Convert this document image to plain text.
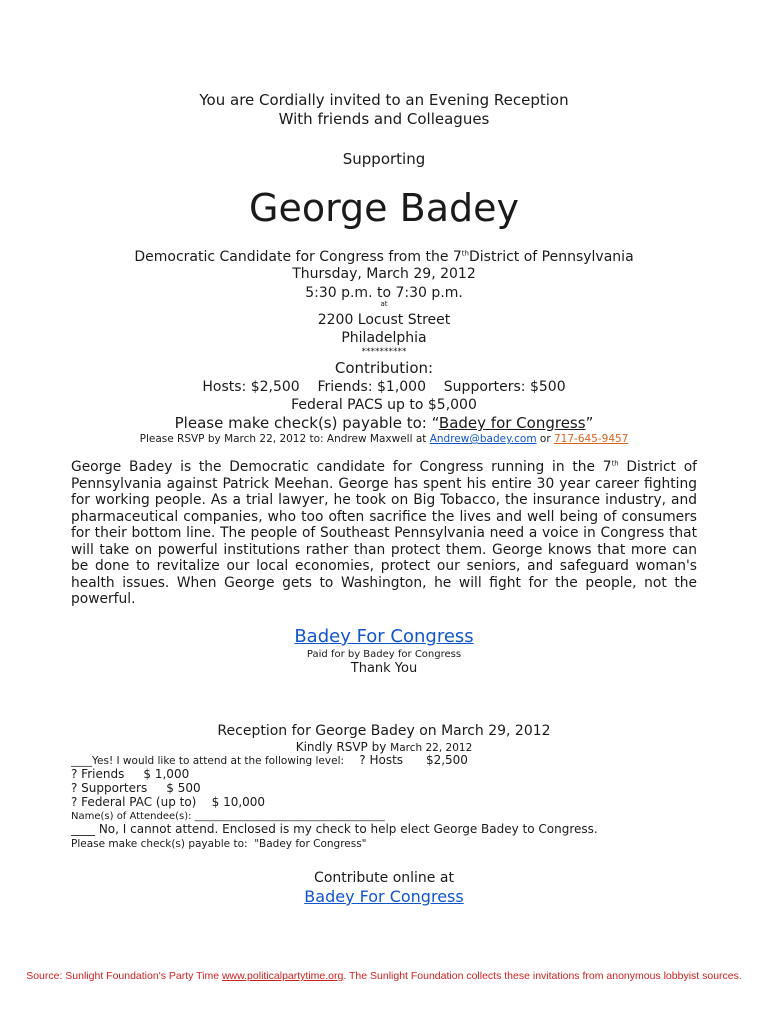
You are Cordially invited to an Evening Reception
With friends and Colleagues
Supporting
George Badey
Democratic Candidate for Congress from the 7thDistrict of Pennsylvania
Thursday, March 29, 2012
5:30 p.m. to 7:30 p.m.
at
2200 Locust Street
Philadelphia
**********
Contribution:
Hosts: $2,500    Friends: $1,000    Supporters: $500
Federal PACS up to $5,000
Please make check(s) payable to: “Badey for Congress”
Please RSVP by March 22, 2012 to: Andrew Maxwell at Andrew@badey.com or 717-645-9457
George Badey is the Democratic candidate for Congress running in the 7th District of Pennsylvania against Patrick Meehan. George has spent his entire 30 year career fighting for working people. As a trial lawyer, he took on Big Tobacco, the insurance industry, and pharmaceutical companies, who too often sacrifice the lives and well being of consumers for their bottom line. The people of Southeast Pennsylvania need a voice in Congress that will take on powerful institutions rather than protect them. George knows that more can be done to revitalize our local economies, protect our seniors, and safeguard woman's health issues. When George gets to Washington, he will fight for the people, not the powerful.
Badey For Congress
Paid for by Badey for Congress
Thank You
Reception for George Badey on March 29, 2012
Kindly RSVP by March 22, 2012
____Yes! I would like to attend at the following level: ? Hosts      $2,500
? Friends     $ 1,000
? Supporters     $ 500
? Federal PAC (up to)    $ 10,000
Name(s) of Attendee(s): ______________________________________
____ No, I cannot attend. Enclosed is my check to help elect George Badey to Congress.
Please make check(s) payable to:  "Badey for Congress"
Contribute online at
Badey For Congress
Source: Sunlight Foundation's Party Time www.politicalpartytime.org. The Sunlight Foundation collects these invitations from anonymous lobbyist sources.
